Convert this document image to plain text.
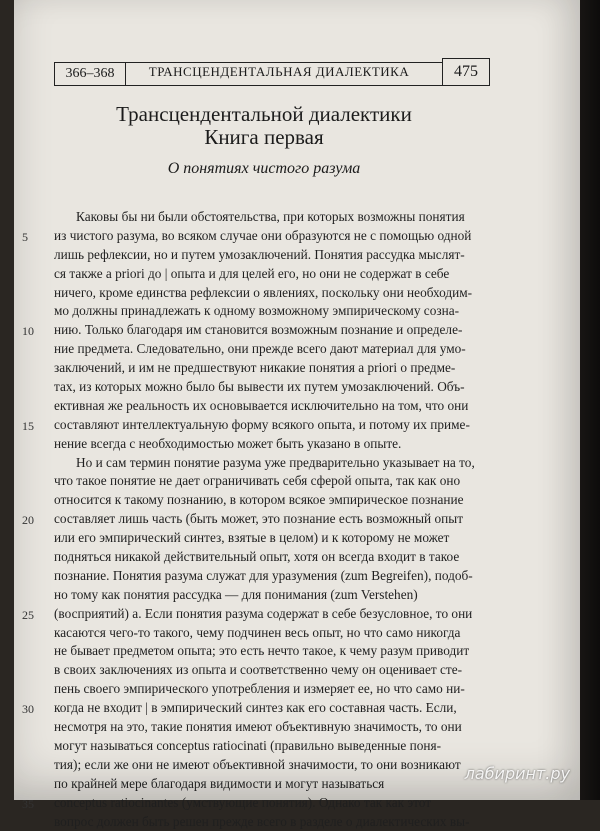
366–368	ТРАНСЦЕНДЕНТАЛЬНАЯ ДИАЛЕКТИКА	475
Трансцендентальной диалектики
Книга первая
О понятиях чистого разума
Каковы бы ни были обстоятельства, при которых возможны понятия
из чистого разума, во всяком случае они образуются не с помощью одной
лишь рефлексии, но и путем умозаключений. Понятия рассудка мыслят-
ся также a priori до | опыта и для целей его, но они не содержат в себе
ничего, кроме единства рефлексии о явлениях, поскольку они необходим-
мо должны принадлежать к одному возможному эмпирическому созна-
нию. Только благодаря им становится возможным познание и определе-
ние предмета. Следовательно, они прежде всего дают материал для умо-
заключений, и им не предшествуют никакие понятия a priori о предме-
тах, из которых можно было бы вывести их путем умозаключений. Объ-
ективная же реальность их основывается исключительно на том, что они
составляют интеллектуальную форму всякого опыта, и потому их приме-
нение всегда с необходимостью может быть указано в опыте.
Но и сам термин понятие разума уже предварительно указывает на то,
что такое понятие не дает ограничивать себя сферой опыта, так как оно
относится к такому познанию, в котором всякое эмпирическое познание
составляет лишь часть (быть может, это познание есть возможный опыт
или его эмпирический синтез, взятые в целом) и к которому не может
подняться никакой действительный опыт, хотя он всегда входит в такое
познание. Понятия разума служат для уразумения (zum Begreifen), подоб-
но тому как понятия рассудка — для понимания (zum Verstehen)
(восприятий) a. Если понятия разума содержат в себе безусловное, то они
касаются чего-то такого, чему подчинен весь опыт, но что само никогда
не бывает предметом опыта; это есть нечто такое, к чему разум приводит
в своих заключениях из опыта и соответственно чему он оценивает сте-
пень своего эмпирического употребления и измеряет ее, но что само ни-
когда не входит | в эмпирический синтез как его составная часть. Если,
несмотря на это, такие понятия имеют объективную значимость, то они
могут называться conceptus ratiocinati (правильно выведенные поня-
тия); если же они не имеют объективной значимости, то они возникают
по крайней мере благодаря видимости и могут называться
conceptus ratiocinantes (умствующие понятия). Однако так как этот
вопрос должен быть решен прежде всего в разделе о диалектических вы-
5
10
15
20
25
30
35
лабиринт.ру
